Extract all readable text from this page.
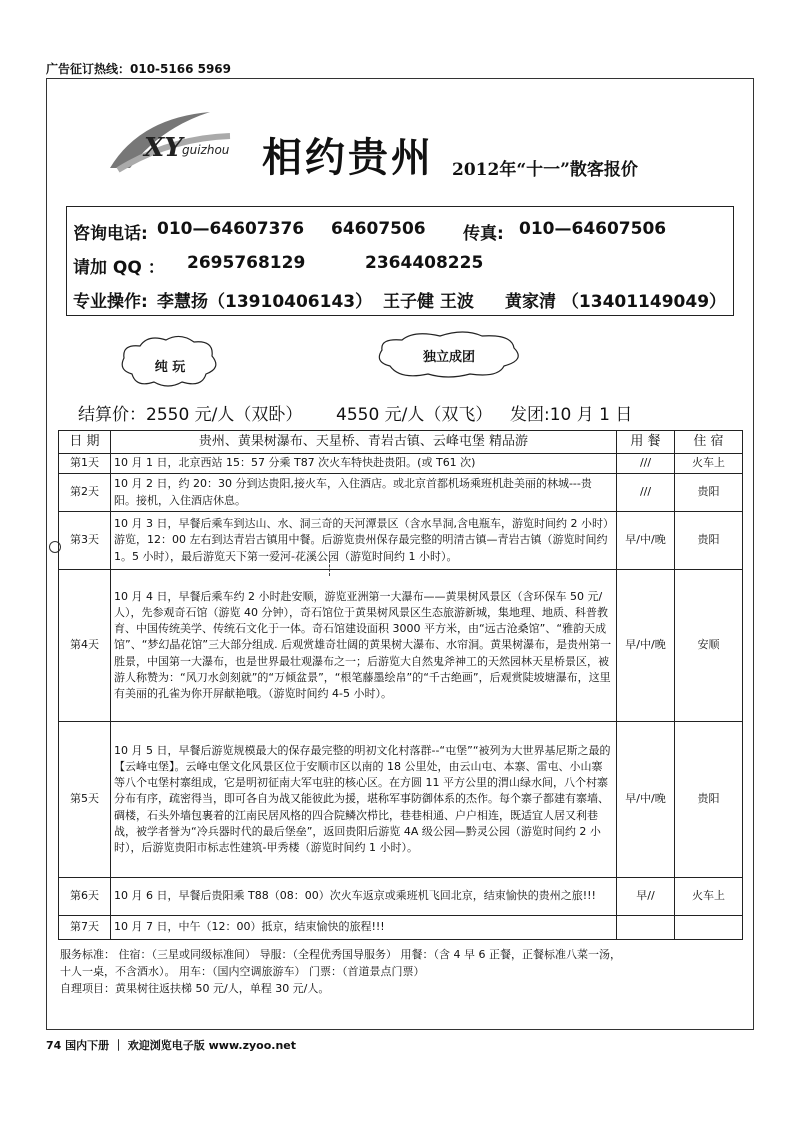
广告征订热线：010-5166 5969
XY guizhou 相约贵州 2012年“十一”散客报价
咨询电话: 010—64607376 64607506 传真: 010—64607506
请加 QQ ： 2695768129	2364408225
专业操作: 李慧扬（13910406143） 王子健 王波 黄家清 （13401149049）
纯 玩
独立成团
结算价：2550 元/人（双卧） 4550 元/人（双飞） 发团:10 月 1 日
日 期	贵州、黄果树瀑布、天星桥、青岩古镇、云峰屯堡 精品游	用 餐	住 宿
第1天	10 月 1 日，北京西站 15：57 分乘 T87 次火车特快赴贵阳。(或 T61 次)	///	火车上
第2天	10 月 2 日，约 20：30 分到达贵阳,接火车，入住酒店。或北京首都机场乘班机赴美丽的林城---贵阳。接机，入住酒店休息。	///	贵阳
第3天	10 月 3 日，早餐后乘车到达山、水、洞三奇的天河潭景区（含水旱洞,含电瓶车，游览时间约 2 小时）游览，12：00 左右到达青岩古镇用中餐。后游览贵州保存最完整的明清古镇—青岩古镇（游览时间约 1。5 小时），最后游览天下第一爱河-花溪公园（游览时间约 1 小时）。	早/中/晚	贵阳
第4天	10 月 4 日，早餐后乘车约 2 小时赴安顺，游览亚洲第一大瀑布——黄果树风景区（含环保车 50 元/人），先参观奇石馆（游览 40 分钟），奇石馆位于黄果树风景区生态旅游新城，集地理、地质、科普教育、中国传统美学、传统石文化于一体。奇石馆建设面积 3000 平方米，由“远古沧桑馆”、“雅韵天成馆”、“梦幻晶花馆”三大部分组成. 后观赏雄奇壮阔的黄果树大瀑布、水帘洞。黄果树瀑布，是贵州第一胜景，中国第一大瀑布，也是世界最壮观瀑布之一；后游览大自然鬼斧神工的天然园林天星桥景区，被游人称赞为：“风刀水剑刻就”的“万倾盆景”，“根笔藤墨绘帛”的“千古绝画”，后观赏陡坡塘瀑布，这里有美丽的孔雀为你开屏献艳哦。（游览时间约 4-5 小时）。	早/中/晚	安顺
第5天	10 月 5 日，早餐后游览规模最大的保存最完整的明初文化村落群--“屯堡”“被列为大世界基尼斯之最的【云峰屯堡】。云峰屯堡文化风景区位于安顺市区以南的 18 公里处，由云山屯、本寨、雷屯、小山寨等八个屯堡村寨组成，它是明初征南大军屯驻的核心区。在方圆 11 平方公里的渭山绿水间，八个村寨分布有序，疏密得当，即可各自为战又能彼此为援，堪称军事防御体系的杰作。每个寨子都建有寨墙、碉楼，石头外墙包裹着的江南民居风格的四合院鳞次栉比，巷巷相通、户户相连，既适宜人居又利巷战，被学者誉为“冷兵器时代的最后堡垒”，返回贵阳后游览 4A 级公园—黔灵公园（游览时间约 2 小时），后游览贵阳市标志性建筑-甲秀楼（游览时间约 1 小时）。	早/中/晚	贵阳
第6天	10 月 6 日，早餐后贵阳乘 T88（08：00）次火车返京或乘班机飞回北京，结束愉快的贵州之旅!!!	早//	火车上
第7天	10 月 7 日，中午（12：00）抵京，结束愉快的旅程!!!		
服务标准： 住宿：（三星或同级标准间） 导服：（全程优秀国导服务） 用餐：（含 4 早 6 正餐，正餐标准八菜一汤，
十人一桌，不含酒水）。 用车：（国内空调旅游车） 门票：（首道景点门票）
自理项目：黄果树往返扶梯 50 元/人，单程 30 元/人。
74 国内下册 ｜ 欢迎浏览电子版 www.zyoo.net
